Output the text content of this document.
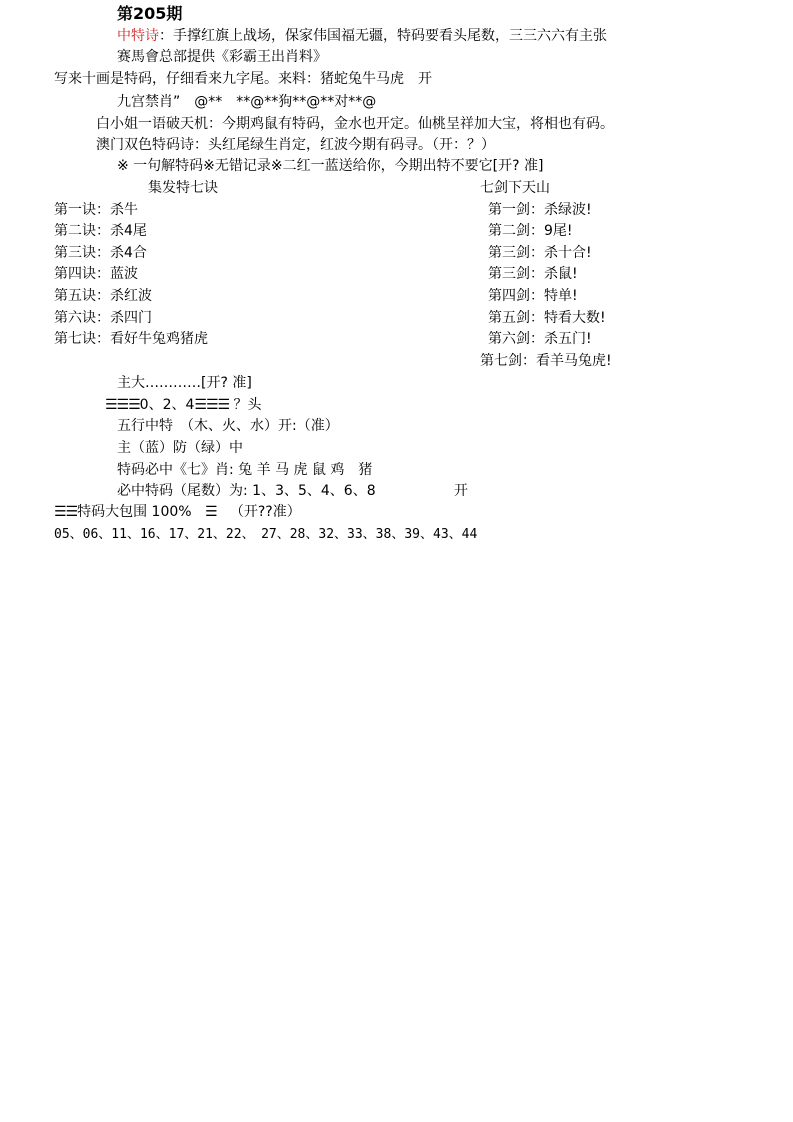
第205期
中特诗：手撑红旗上战场，保家伟国福无疆，特码要看头尾数，三三六六有主张
赛馬會总部提供《彩霸王出肖料》
写来十画是特码，仔细看来九字尾。来料：猪蛇兔牛马虎　开
九宫禁肖”　@**　**@**狗**@**对**@
白小姐一语破天机：今期鸡鼠有特码，金水也开定。仙桃呈祥加大宝，将相也有码。
澳门双色特码诗：头红尾绿生肖定，红波今期有码寻。（开：？）
※ 一句解特码※无错记录※二红一蓝送给你，今期出特不要它[开? 准]
集发特七诀	七剑下天山
第一诀：杀牛
第二诀：杀4尾
第三诀：杀4合
第四诀：蓝波
第五诀：杀红波
第六诀：杀四门
第七诀：看好牛兔鸡猪虎
第一剑：杀绿波!
第二剑：9尾!
第三剑：杀十合!
第三剑：杀鼠!
第四剑：特单!
第五剑：特看大数!
第六剑：杀五门!
第七剑：看羊马兔虎!
主大…………[开? 准]
☰☰☰0、2、4☰☰☰ ？头
五行中特　（木、火、水）开:（准）
主（蓝）防（绿）中
特码必中《七》肖: 兔 羊 马 虎 鼠 鸡　猪
必中特码（尾数）为: 1、3、5、4、6、8	开
☰☰特码大包围 100% ☰ （开??准）
05、06、11、16、17、21、22、　27、28、32、33、38、39、43、44
